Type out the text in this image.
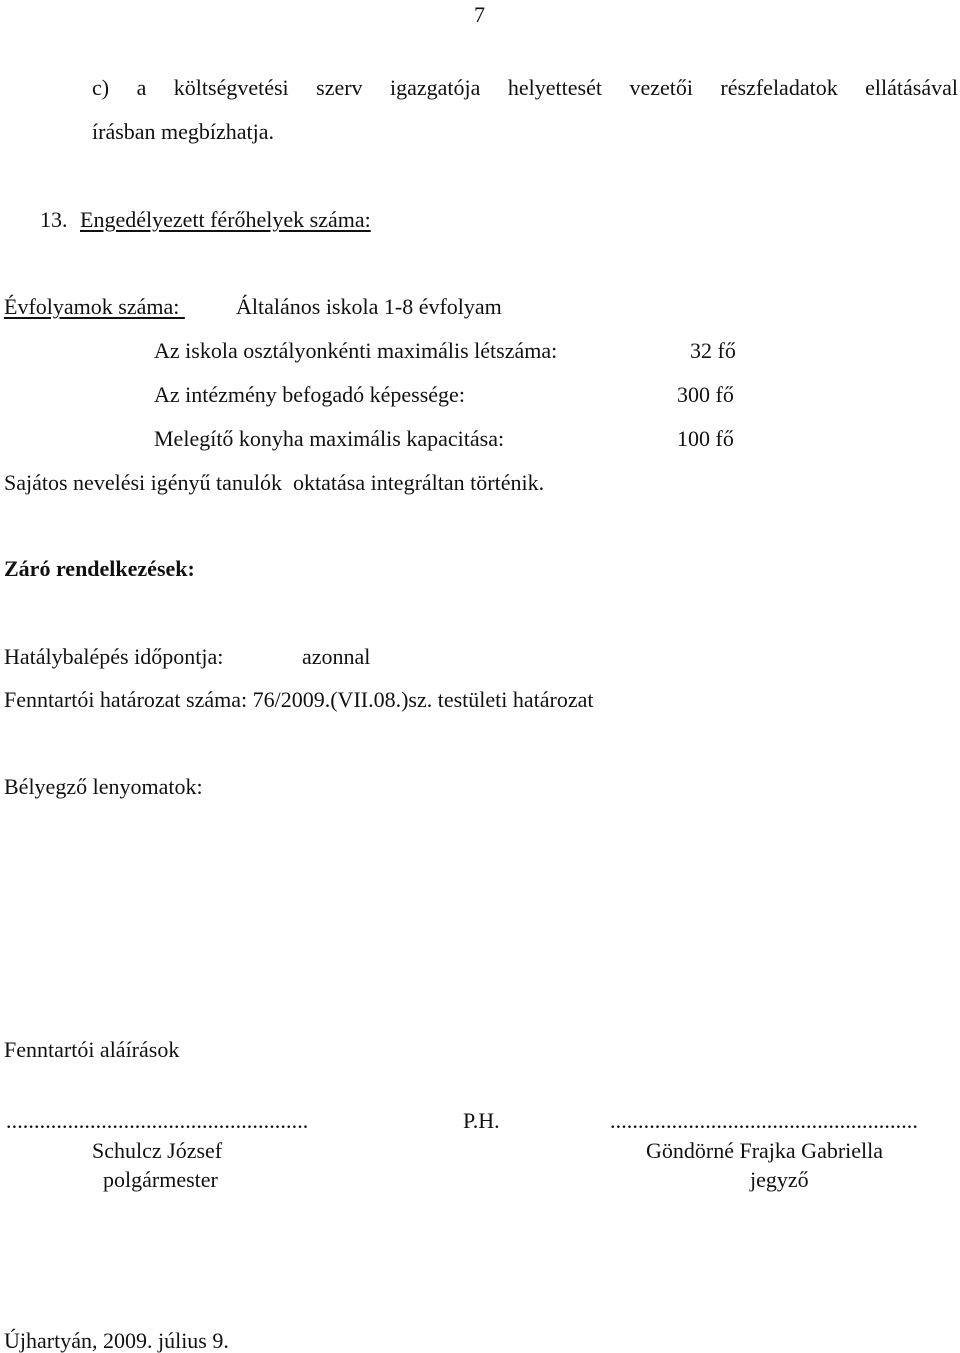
7
c) a költségvetési szerv igazgatója helyettesét vezetői részfeladatok ellátásával
írásban megbízhatja.
13. Engedélyezett férőhelyek száma:
Évfolyamok száma: Általános iskola 1-8 évfolyam
Az iskola osztályonkénti maximális létszáma:	32 fő
Az intézmény befogadó képessége:	300 fő
Melegítő konyha maximális kapacitása:	100 fő
Sajátos nevelési igényű tanulók  oktatása integráltan történik.
Záró rendelkezések:
Hatálybalépés időpontja:	azonnal
Fenntartói határozat száma: 76/2009.(VII.08.)sz. testületi határozat
Bélyegző lenyomatok:
Fenntartói aláírások
......................................................	P.H.	.......................................................
Schulcz József
polgármester
Göndörné Frajka Gabriella
jegyző
Újhartyán, 2009. július 9.
